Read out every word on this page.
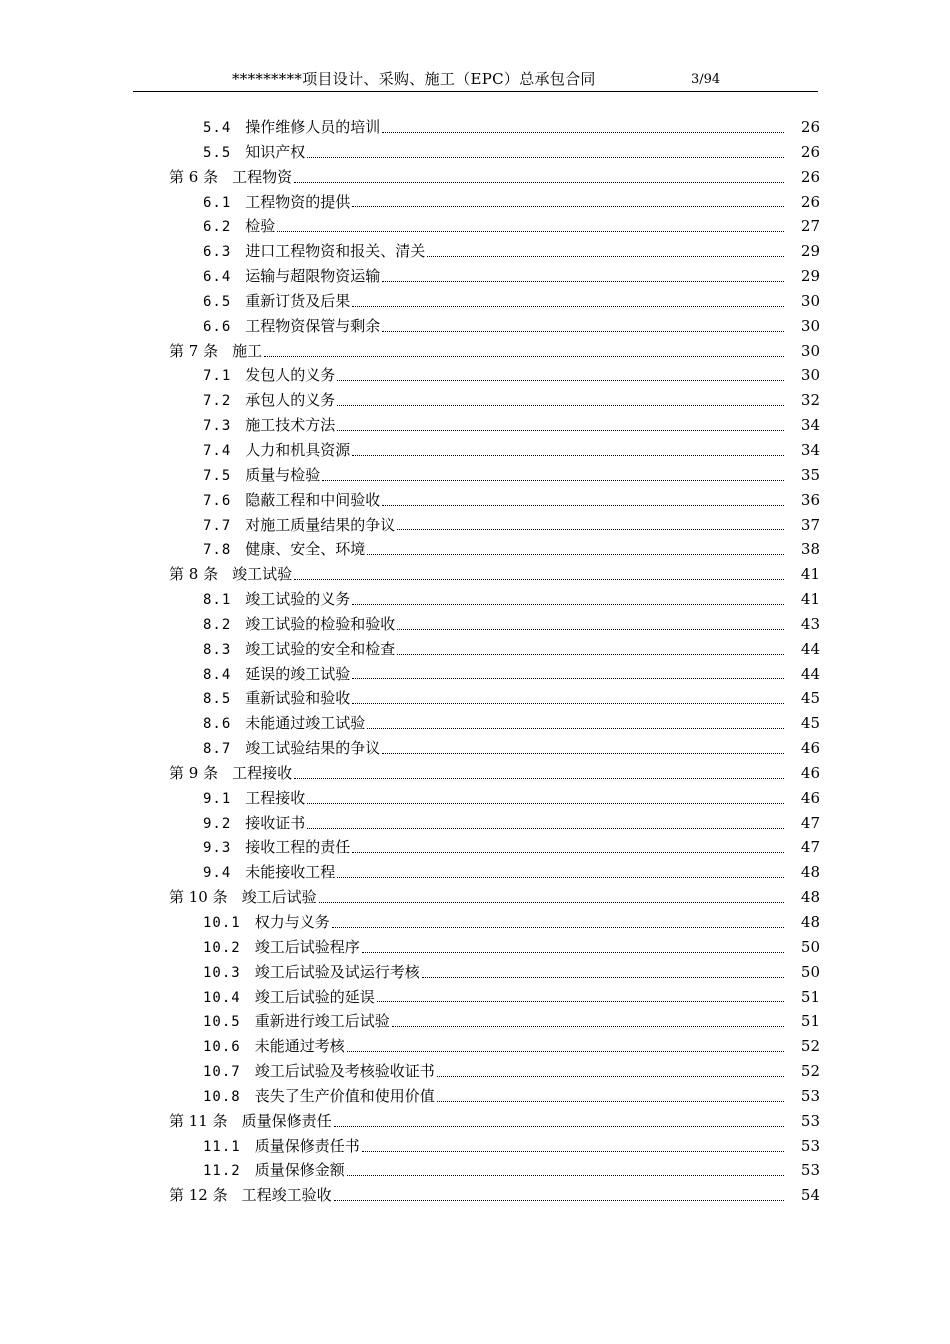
*********项目设计、采购、施工（EPC）总承包合同	3/94
5.4 操作维修人员的培训	26
5.5 知识产权	26
第 6 条 工程物资	26
6.1 工程物资的提供	26
6.2 检验	27
6.3 进口工程物资和报关、清关	29
6.4 运输与超限物资运输	29
6.5 重新订货及后果	30
6.6 工程物资保管与剩余	30
第 7 条 施工	30
7.1 发包人的义务	30
7.2 承包人的义务	32
7.3 施工技术方法	34
7.4 人力和机具资源	34
7.5 质量与检验	35
7.6 隐蔽工程和中间验收	36
7.7 对施工质量结果的争议	37
7.8 健康、安全、环境	38
第 8 条 竣工试验	41
8.1 竣工试验的义务	41
8.2 竣工试验的检验和验收	43
8.3 竣工试验的安全和检查	44
8.4 延误的竣工试验	44
8.5 重新试验和验收	45
8.6 未能通过竣工试验	45
8.7 竣工试验结果的争议	46
第 9 条 工程接收	46
9.1 工程接收	46
9.2 接收证书	47
9.3 接收工程的责任	47
9.4 未能接收工程	48
第 10 条 竣工后试验	48
10.1 权力与义务	48
10.2 竣工后试验程序	50
10.3 竣工后试验及试运行考核	50
10.4 竣工后试验的延误	51
10.5 重新进行竣工后试验	51
10.6 未能通过考核	52
10.7 竣工后试验及考核验收证书	52
10.8 丧失了生产价值和使用价值	53
第 11 条 质量保修责任	53
11.1 质量保修责任书	53
11.2 质量保修金额	53
第 12 条 工程竣工验收	54
